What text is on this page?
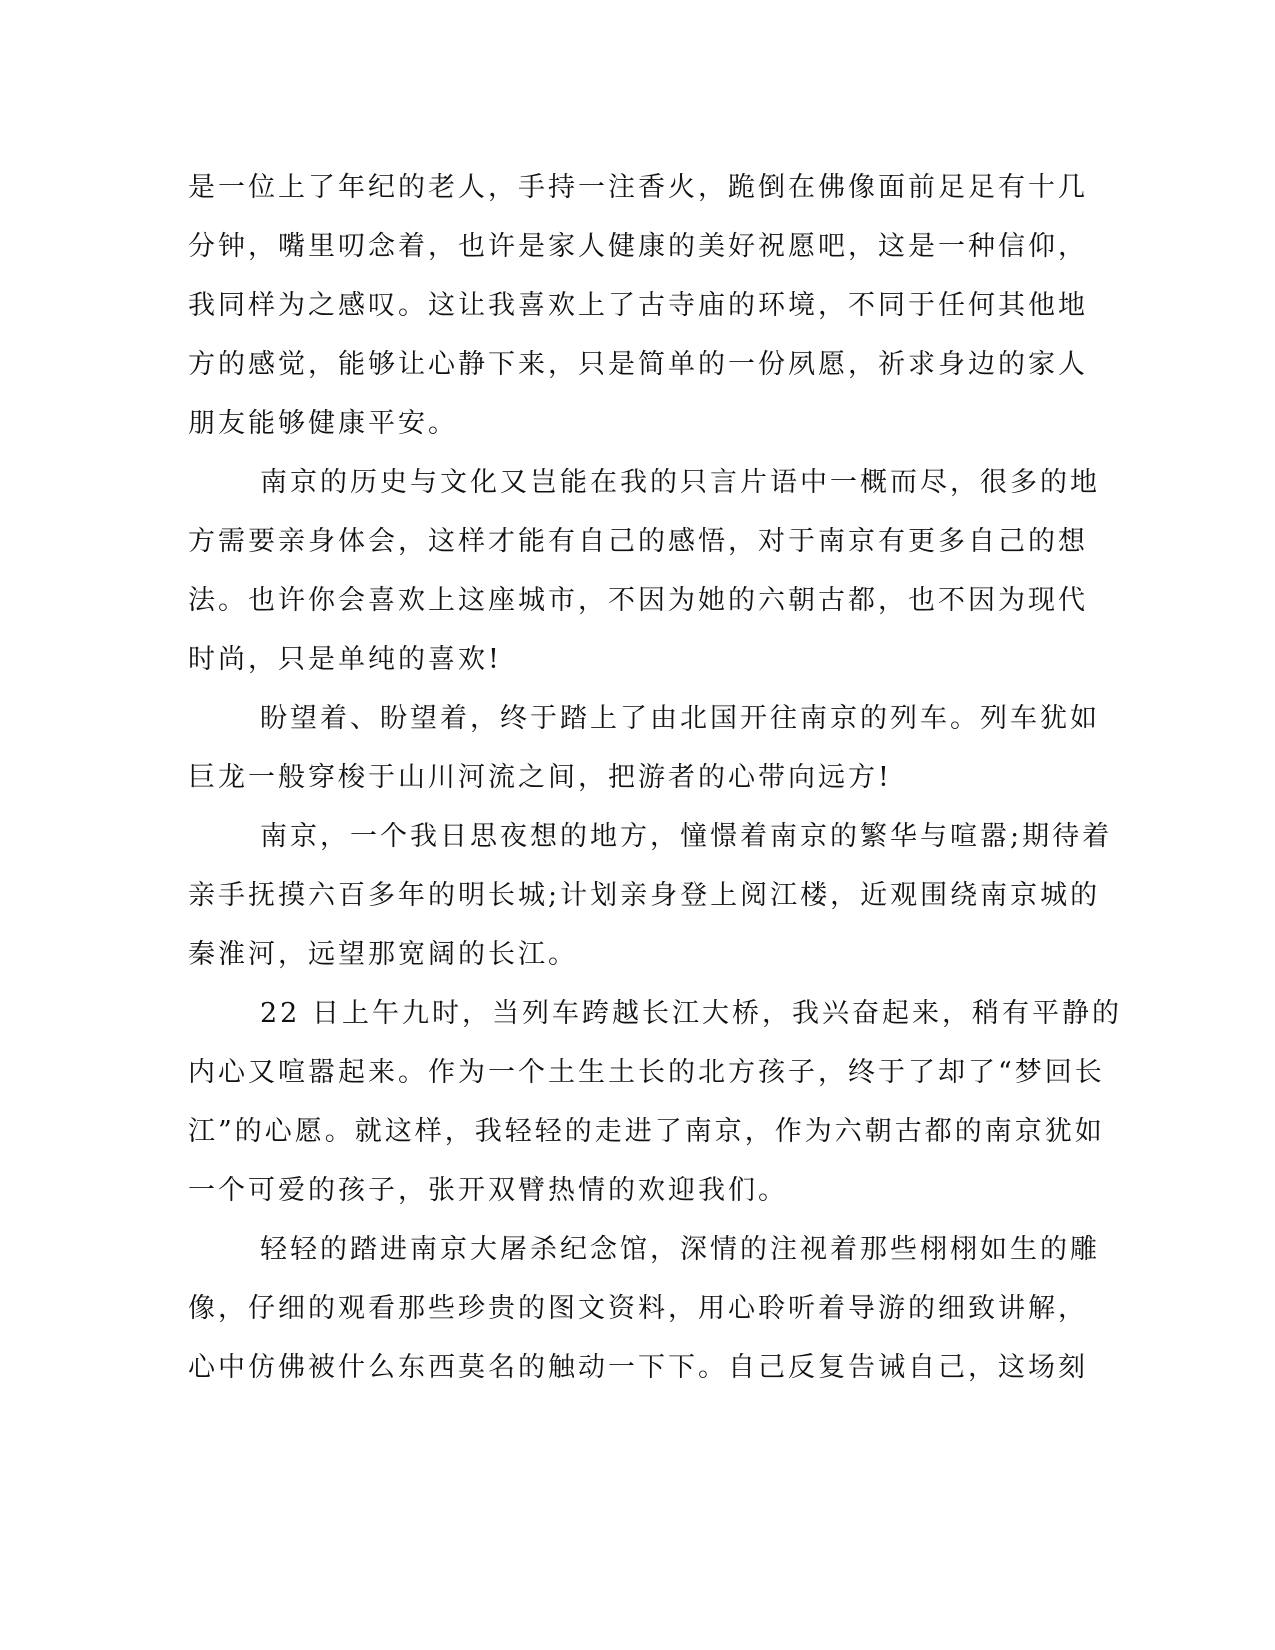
是一位上了年纪的老人，手持一注香火，跪倒在佛像面前足足有十几
分钟，嘴里叨念着，也许是家人健康的美好祝愿吧，这是一种信仰，
我同样为之感叹。这让我喜欢上了古寺庙的环境，不同于任何其他地
方的感觉，能够让心静下来，只是简单的一份夙愿，祈求身边的家人
朋友能够健康平安。
南京的历史与文化又岂能在我的只言片语中一概而尽，很多的地
方需要亲身体会，这样才能有自己的感悟，对于南京有更多自己的想
法。也许你会喜欢上这座城市，不因为她的六朝古都，也不因为现代
时尚，只是单纯的喜欢!
盼望着、盼望着，终于踏上了由北国开往南京的列车。列车犹如
巨龙一般穿梭于山川河流之间，把游者的心带向远方!
南京，一个我日思夜想的地方，憧憬着南京的繁华与喧嚣;期待着
亲手抚摸六百多年的明长城;计划亲身登上阅江楼，近观围绕南京城的
秦淮河，远望那宽阔的长江。
22 日上午九时，当列车跨越长江大桥，我兴奋起来，稍有平静的
内心又喧嚣起来。作为一个土生土长的北方孩子，终于了却了“梦回长
江”的心愿。就这样，我轻轻的走进了南京，作为六朝古都的南京犹如
一个可爱的孩子，张开双臂热情的欢迎我们。
轻轻的踏进南京大屠杀纪念馆，深情的注视着那些栩栩如生的雕
像，仔细的观看那些珍贵的图文资料，用心聆听着导游的细致讲解，
心中仿佛被什么东西莫名的触动一下下。自己反复告诫自己，这场刻
